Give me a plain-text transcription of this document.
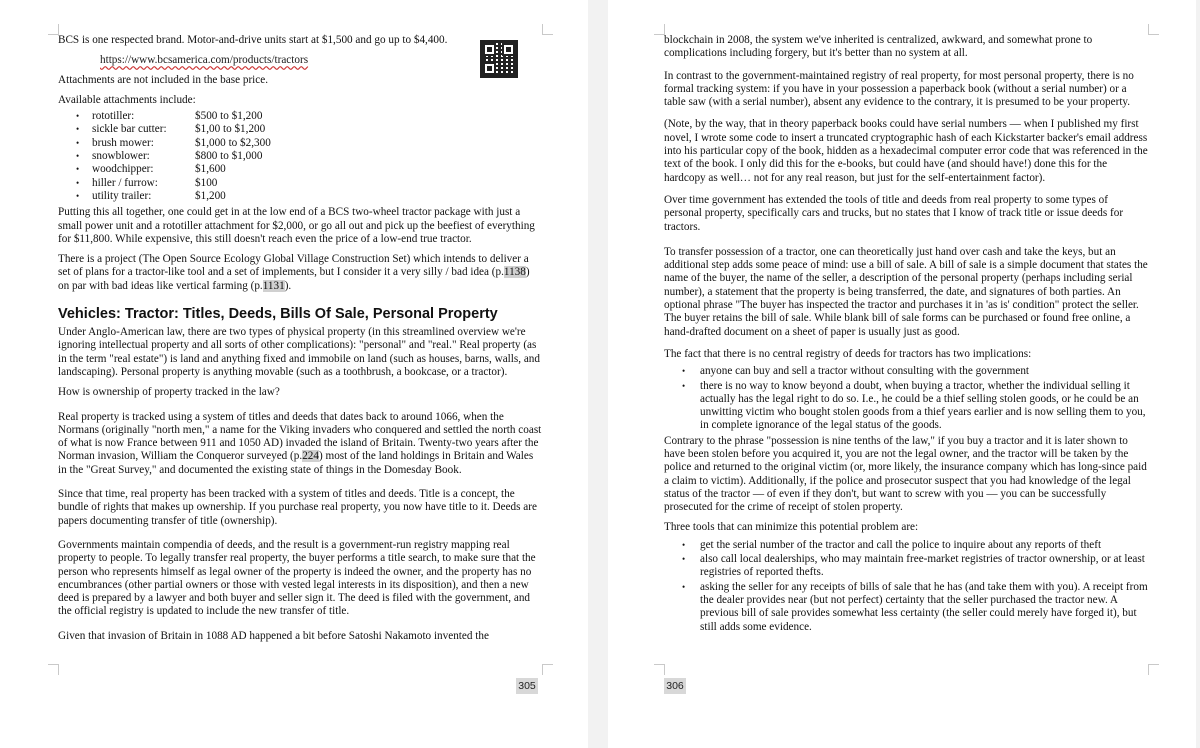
BCS is one respected brand. Motor-and-drive units start at $1,500 and go up to $4,400.

https://www.bcsamerica.com/products/tractors

Attachments are not included in the base price.

Available attachments include:

• rototiller:	$500 to $1,200
• sickle bar cutter:	$1,00 to $1,200
• brush mower:	$1,000 to $2,300
• snowblower:	$800 to $1,000
• woodchipper:	$1,600
• hiller / furrow:	$100
• utility trailer:	$1,200

Putting this all together, one could get in at the low end of a BCS two-wheel tractor package with just a small power unit and a rototiller attachment for $2,000, or go all out and pick up the beefiest of everything for $11,800. While expensive, this still doesn't reach even the price of a low-end true tractor.

There is a project (The Open Source Ecology Global Village Construction Set) which intends to deliver a set of plans for a tractor-like tool and a set of implements, but I consider it a very silly / bad idea (p.1138) on par with bad ideas like vertical farming (p.1131).

Vehicles: Tractor: Titles, Deeds, Bills Of Sale, Personal Property

Under Anglo-American law, there are two types of physical property (in this streamlined overview we're ignoring intellectual property and all sorts of other complications): "personal" and "real." Real property (as in the term "real estate") is land and anything fixed and immobile on land (such as houses, barns, walls, and landscaping). Personal property is anything movable (such as a toothbrush, a bookcase, or a tractor).

How is ownership of property tracked in the law?

Real property is tracked using a system of titles and deeds that dates back to around 1066, when the Normans (originally "north men," a name for the Viking invaders who conquered and settled the north coast of what is now France between 911 and 1050 AD) invaded the island of Britain. Twenty-two years after the Norman invasion, William the Conqueror surveyed (p.224) most of the land holdings in Britain and Wales in the "Great Survey," and documented the existing state of things in the Domesday Book.

Since that time, real property has been tracked with a system of titles and deeds. Title is a concept, the bundle of rights that makes up ownership. If you purchase real property, you now have title to it. Deeds are papers documenting transfer of title (ownership).

Governments maintain compendia of deeds, and the result is a government-run registry mapping real property to people. To legally transfer real property, the buyer performs a title search, to make sure that the person who represents himself as legal owner of the property is indeed the owner, and the property has no encumbrances (other partial owners or those with vested legal interests in its disposition), and then a new deed is prepared by a lawyer and both buyer and seller sign it. The deed is filed with the government, and the official registry is updated to include the new transfer of title.

Given that invasion of Britain in 1088 AD happened a bit before Satoshi Nakamoto invented the

305

blockchain in 2008, the system we've inherited is centralized, awkward, and somewhat prone to complications including forgery, but it's better than no system at all.

In contrast to the government-maintained registry of real property, for most personal property, there is no formal tracking system: if you have in your possession a paperback book (without a serial number) or a table saw (with a serial number), absent any evidence to the contrary, it is presumed to be your property.

(Note, by the way, that in theory paperback books could have serial numbers — when I published my first novel, I wrote some code to insert a truncated cryptographic hash of each Kickstarter backer's email address into his particular copy of the book, hidden as a hexadecimal computer error code that was referenced in the text of the book. I only did this for the e-books, but could have (and should have!) done this for the hardcopy as well… not for any real reason, but just for the self-entertainment factor).

Over time government has extended the tools of title and deeds from real property to some types of personal property, specifically cars and trucks, but no states that I know of track title or issue deeds for tractors.

To transfer possession of a tractor, one can theoretically just hand over cash and take the keys, but an additional step adds some peace of mind: use a bill of sale. A bill of sale is a simple document that states the name of the buyer, the name of the seller, a description of the personal property (perhaps including serial number), a statement that the property is being transferred, the date, and signatures of both parties. An optional phrase "The buyer has inspected the tractor and purchases it in 'as is' condition" protect the seller. The buyer retains the bill of sale. While blank bill of sale forms can be purchased or found free online, a hand-drafted document on a sheet of paper is usually just as good.

The fact that there is no central registry of deeds for tractors has two implications:

• anyone can buy and sell a tractor without consulting with the government
• there is no way to know beyond a doubt, when buying a tractor, whether the individual selling it actually has the legal right to do so. I.e., he could be a thief selling stolen goods, or he could be an unwitting victim who bought stolen goods from a thief years earlier and is now selling them to you, in complete ignorance of the legal status of the goods.

Contrary to the phrase "possession is nine tenths of the law," if you buy a tractor and it is later shown to have been stolen before you acquired it, you are not the legal owner, and the tractor will be taken by the police and returned to the original victim (or, more likely, the insurance company which has long-since paid a claim to victim). Additionally, if the police and prosecutor suspect that you had knowledge of the legal status of the tractor — of even if they don't, but want to screw with you — you can be successfully prosecuted for the crime of receipt of stolen property.

Three tools that can minimize this potential problem are:

• get the serial number of the tractor and call the police to inquire about any reports of theft
• also call local dealerships, who may maintain free-market registries of tractor ownership, or at least registries of reported thefts.
• asking the seller for any receipts of bills of sale that he has (and take them with you). A receipt from the dealer provides near (but not perfect) certainty that the seller purchased the tractor new. A previous bill of sale provides somewhat less certainty (the seller could merely have forged it), but still adds some evidence.
306
